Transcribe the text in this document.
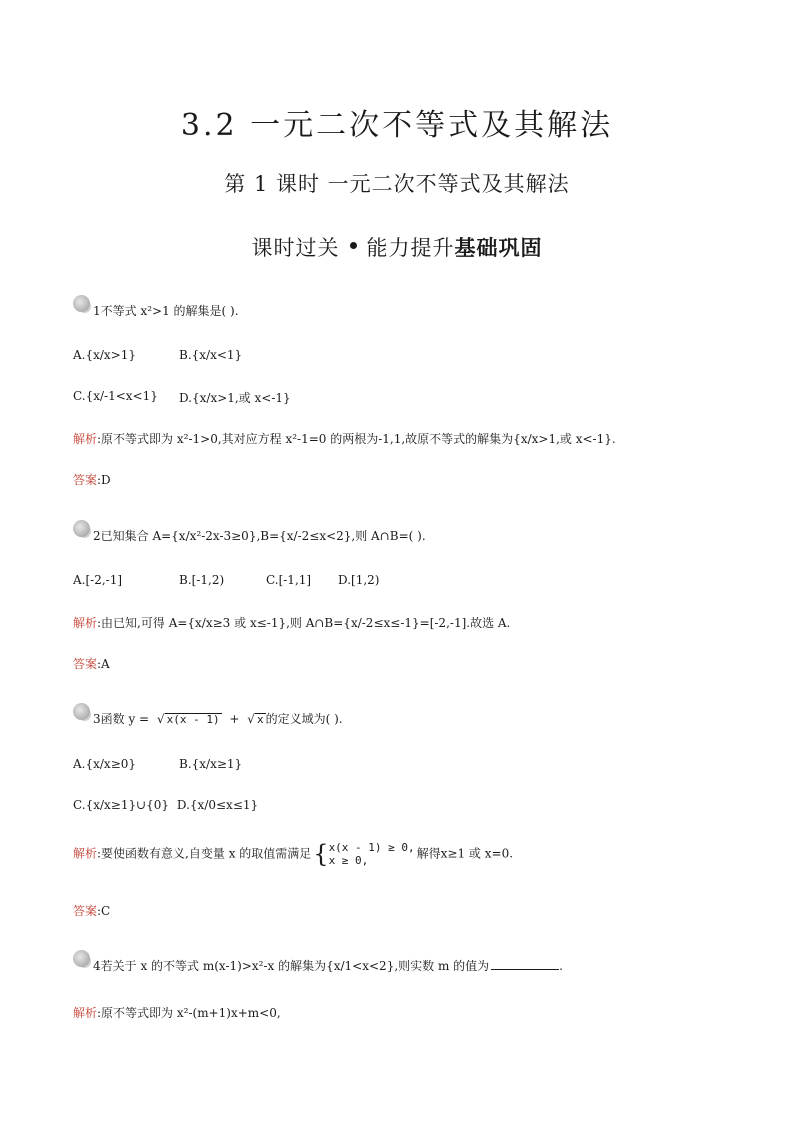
3.2 一元二次不等式及其解法
第 1 课时 一元二次不等式及其解法
课时过关 能力提升基础巩固
1不等式 x²>1 的解集是( ).
A.{x/x>1}	B.{x/x<1}
C.{x/-1<x<1} D.{x/x>1,或 x<-1}
解析:原不等式即为 x²-1>0,其对应方程 x²-1=0 的两根为-1,1,故原不等式的解集为{x/x>1,或 x<-1}.
答案:D
2已知集合 A={x/x²-2x-3≥0},B={x/-2≤x<2},则 A∩B=( ).
A.[-2,-1]	B.[-1,2)	C.[-1,1] D.[1,2)
解析:由已知,可得 A={x/x≥3 或 x≤-1},则 A∩B={x/-2≤x≤-1}=[-2,-1].故选 A.
答案:A
3函数 y = √ x(x - 1) + √ x 的定义域为( ).
A.{x/x≥0}	B.{x/x≥1}
C.{x/x≥1}∪{0} D.{x/0≤x≤1}
解析:要使函数有意义,自变量 x 的取值需满足{ x(x - 1) ≥ 0,
x ≥ 0,	解得x≥1 或 x=0.
答案:C
4若关于 x 的不等式 m(x-1)>x²-x 的解集为{x/1<x<2},则实数 m 的值为	.
解析:原不等式即为 x²-(m+1)x+m<0,
